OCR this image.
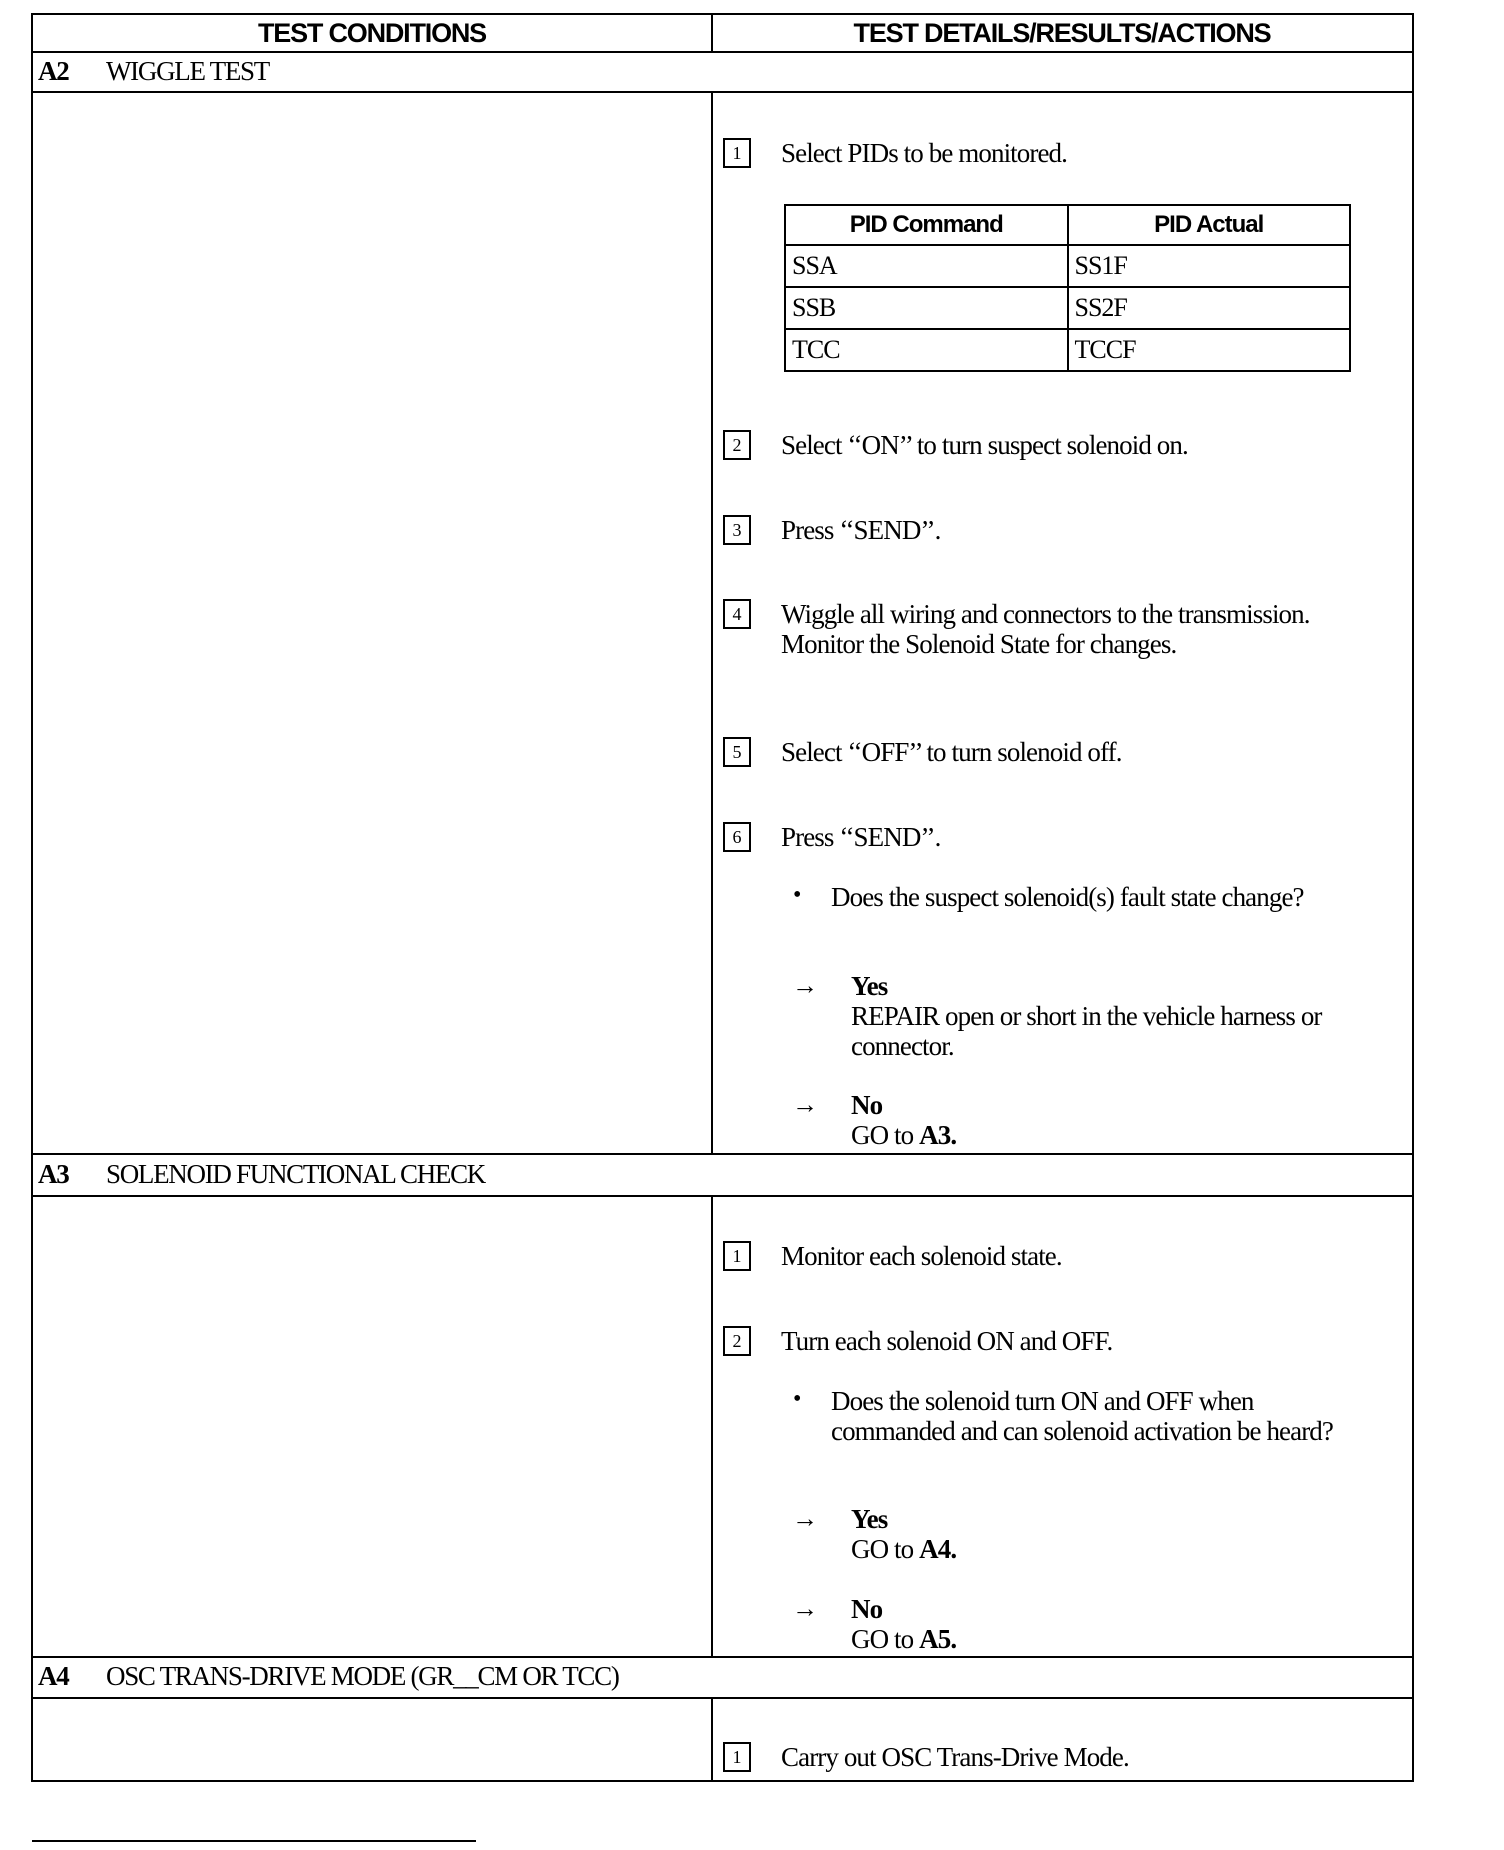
TEST CONDITIONS	TEST DETAILS/RESULTS/ACTIONS
A2 WIGGLE TEST
1	Select PIDs to be monitored.
PID Command	PID Actual
SSA	SS1F
SSB	SS2F
TCC	TCCF
2	Select ‘‘ON’’ to turn suspect solenoid on.
3	Press ‘‘SEND’’.
4	Wiggle all wiring and connectors to the transmission. Monitor the Solenoid State for changes.
5	Select ‘‘OFF’’ to turn solenoid off.
6	Press ‘‘SEND’’.
• Does the suspect solenoid(s) fault state change?
→ Yes
REPAIR open or short in the vehicle harness or connector.
→ No
GO to A3.
A3 SOLENOID FUNCTIONAL CHECK
1	Monitor each solenoid state.
2	Turn each solenoid ON and OFF.
• Does the solenoid turn ON and OFF when commanded and can solenoid activation be heard?
→ Yes
GO to A4.
→ No
GO to A5.
A4 OSC TRANS-DRIVE MODE (GR__CM OR TCC)
1	Carry out OSC Trans-Drive Mode.
